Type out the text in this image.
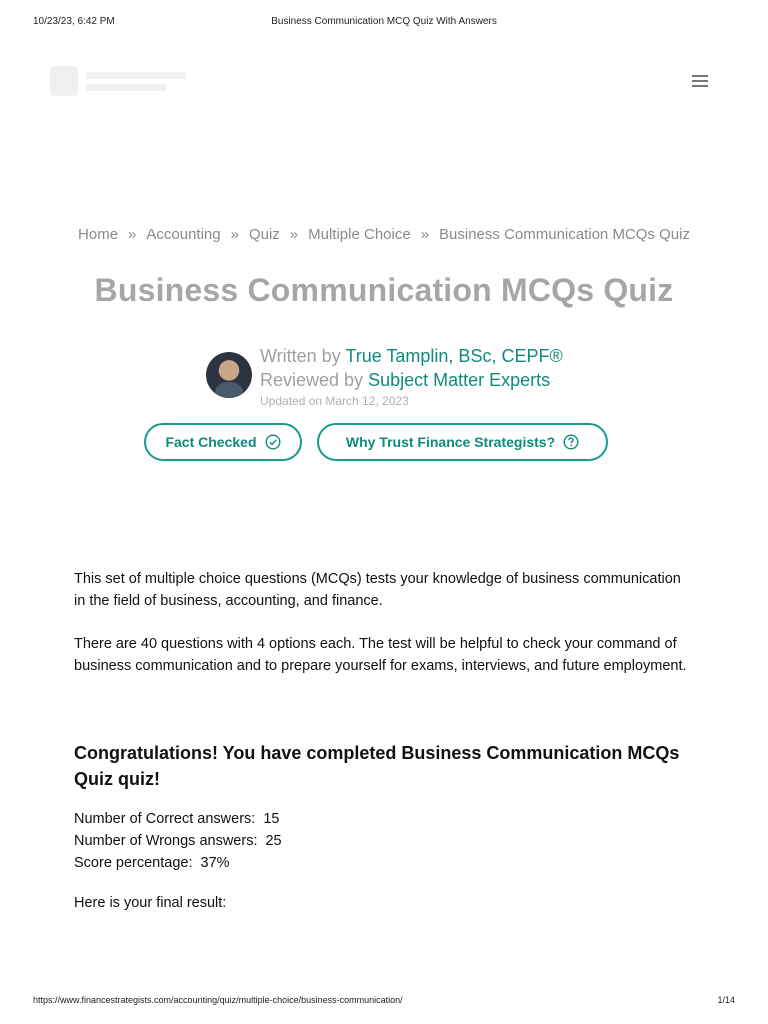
10/23/23, 6:42 PM	Business Communication MCQ Quiz With Answers
Home » Accounting » Quiz » Multiple Choice » Business Communication MCQs Quiz
Business Communication MCQs Quiz
Written by True Tamplin, BSc, CEPF®
Reviewed by Subject Matter Experts
Updated on March 12, 2023
Fact Checked	Why Trust Finance Strategists?

This set of multiple choice questions (MCQs) tests your knowledge of business communication in the field of business, accounting, and finance.

There are 40 questions with 4 options each. The test will be helpful to check your command of business communication and to prepare yourself for exams, interviews, and future employment.

Congratulations! You have completed Business Communication MCQs Quiz quiz!
Number of Correct answers: 15
Number of Wrongs answers: 25
Score percentage: 37%

Here is your final result:

https://www.financestrategists.com/accounting/quiz/multiple-choice/business-communication/	1/14
